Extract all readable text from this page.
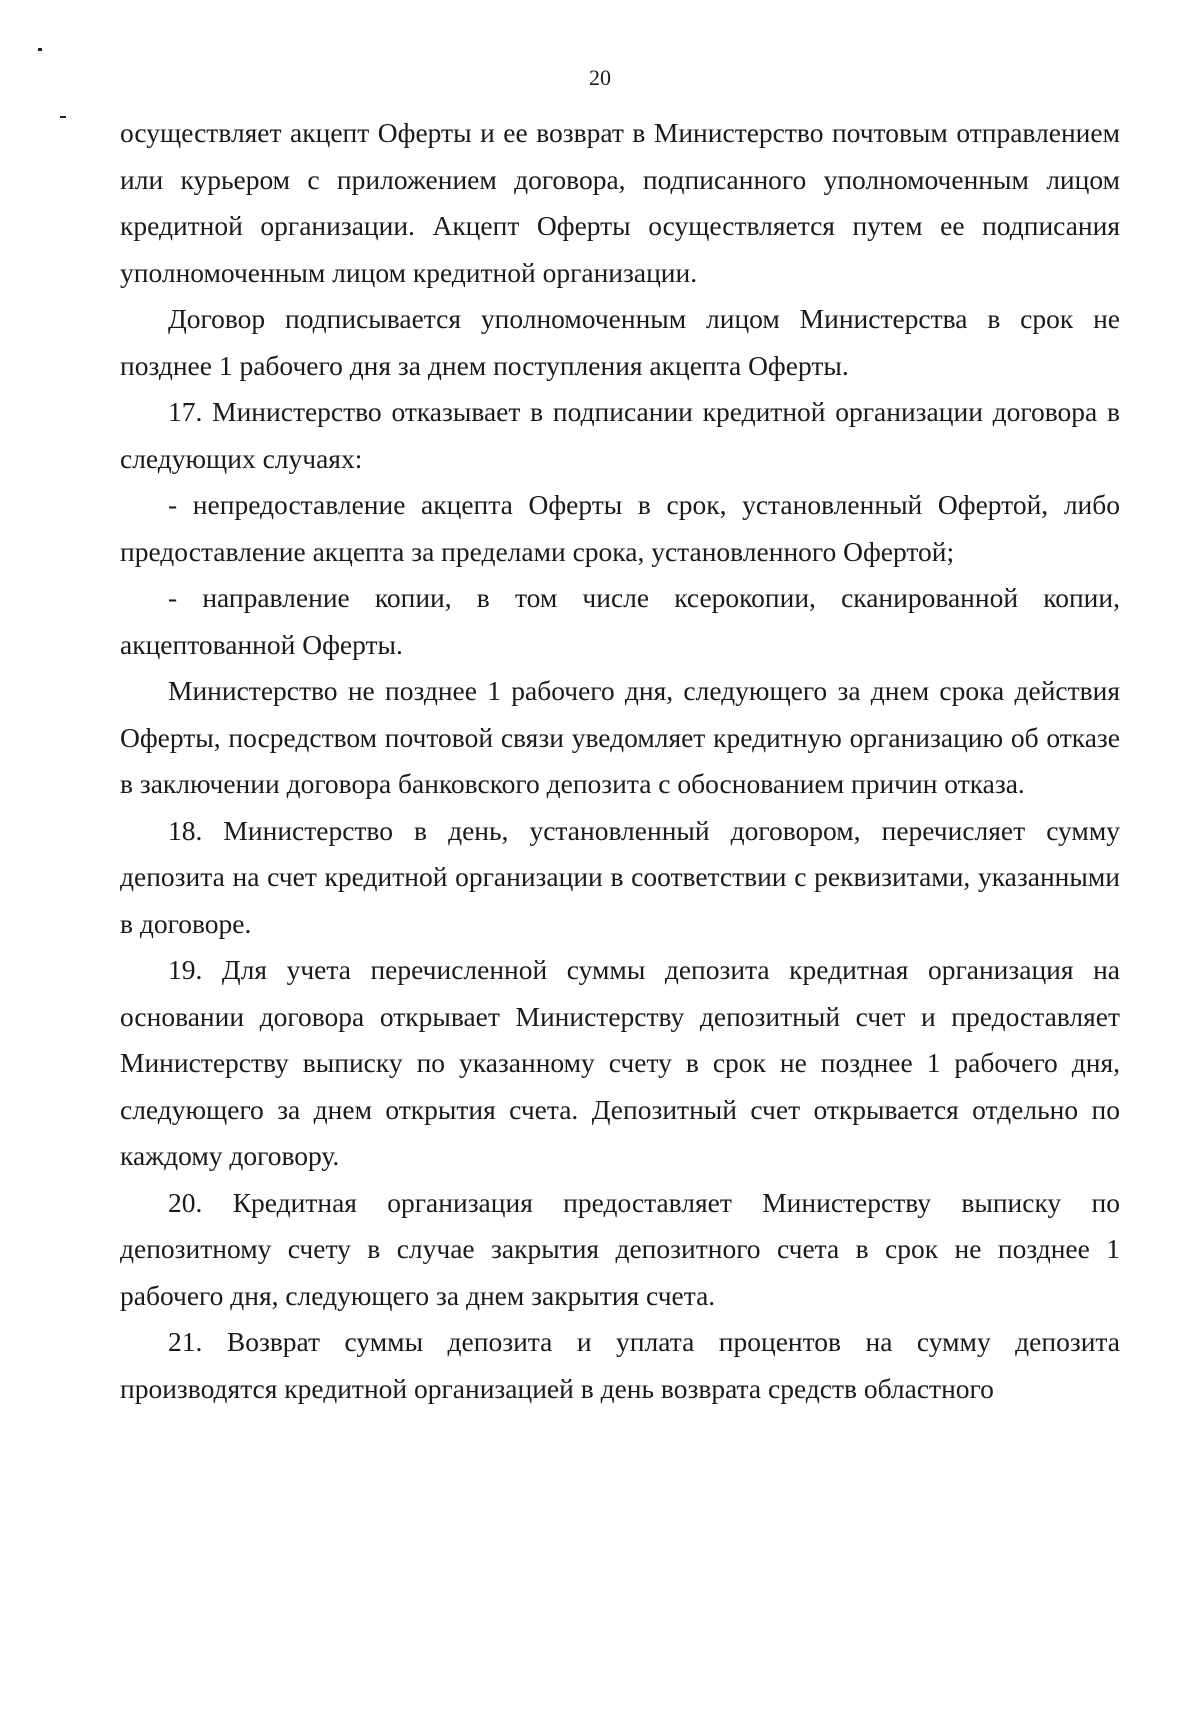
20

осуществляет акцепт Оферты и ее возврат в Министерство почтовым отправлением или курьером с приложением договора, подписанного уполномоченным лицом кредитной организации. Акцепт Оферты осуществляется путем ее подписания уполномоченным лицом кредитной организации.

Договор подписывается уполномоченным лицом Министерства в срок не позднее 1 рабочего дня за днем поступления акцепта Оферты.

17. Министерство отказывает в подписании кредитной организации договора в следующих случаях:

- непредоставление акцепта Оферты в срок, установленный Офертой, либо предоставление акцепта за пределами срока, установленного Офертой;

- направление копии, в том числе ксерокопии, сканированной копии, акцептованной Оферты.

Министерство не позднее 1 рабочего дня, следующего за днем срока действия Оферты, посредством почтовой связи уведомляет кредитную организацию об отказе в заключении договора банковского депозита с обоснованием причин отказа.

18. Министерство в день, установленный договором, перечисляет сумму депозита на счет кредитной организации в соответствии с реквизитами, указанными в договоре.

19. Для учета перечисленной суммы депозита кредитная организация на основании договора открывает Министерству депозитный счет и предоставляет Министерству выписку по указанному счету в срок не позднее 1 рабочего дня, следующего за днем открытия счета. Депозитный счет открывается отдельно по каждому договору.

20. Кредитная организация предоставляет Министерству выписку по депозитному счету в случае закрытия депозитного счета в срок не позднее 1 рабочего дня, следующего за днем закрытия счета.

21. Возврат суммы депозита и уплата процентов на сумму депозита производятся кредитной организацией в день возврата средств областного
